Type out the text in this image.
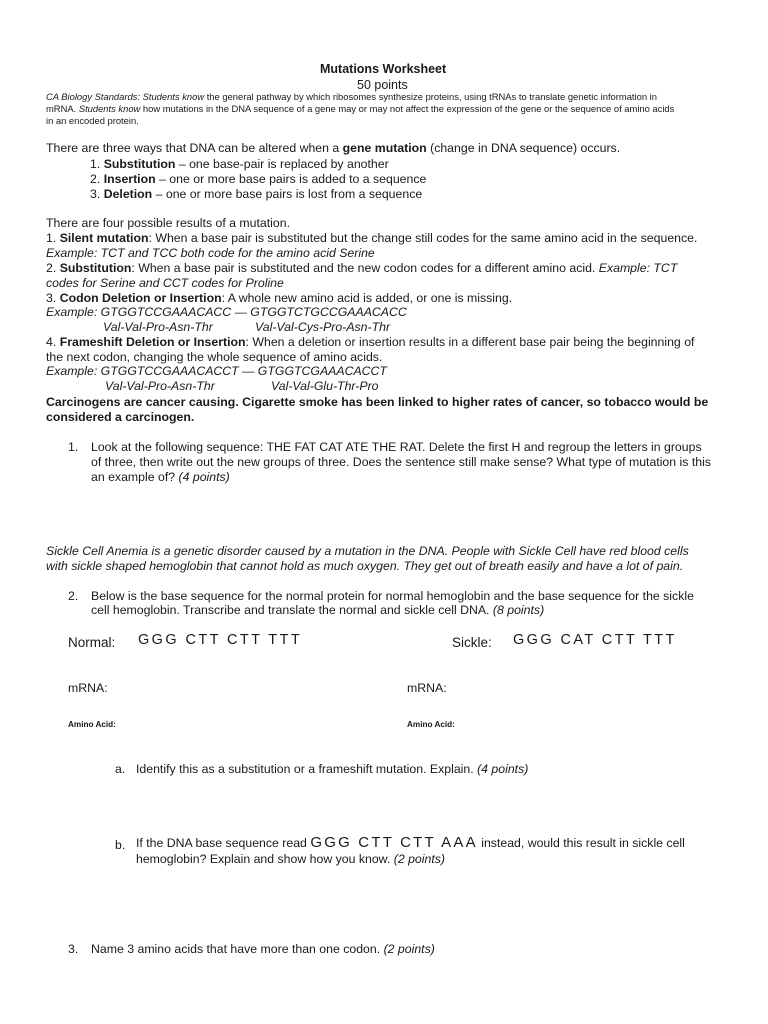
Mutations Worksheet
50 points
CA Biology Standards: Students know the general pathway by which ribosomes synthesize proteins, using tRNAs to translate genetic information in
mRNA. Students know how mutations in the DNA sequence of a gene may or may not affect the expression of the gene or the sequence of amino acids
in an encoded protein.
There are three ways that DNA can be altered when a gene mutation (change in DNA sequence) occurs.
1. Substitution – one base-pair is replaced by another
2. Insertion – one or more base pairs is added to a sequence
3. Deletion – one or more base pairs is lost from a sequence
There are four possible results of a mutation.
1. Silent mutation: When a base pair is substituted but the change still codes for the same amino acid in the sequence.
Example: TCT and TCC both code for the amino acid Serine
2. Substitution: When a base pair is substituted and the new codon codes for a different amino acid. Example: TCT
codes for Serine and CCT codes for Proline
3. Codon Deletion or Insertion: A whole new amino acid is added, or one is missing.
Example: GTGGTCCGAAACACC — GTGGTCTGCCGAAACACC
Val-Val-Pro-Asn-Thr	Val-Val-Cys-Pro-Asn-Thr
4. Frameshift Deletion or Insertion: When a deletion or insertion results in a different base pair being the beginning of
the next codon, changing the whole sequence of amino acids.
Example: GTGGTCCGAAACACCT — GTGGTCGAAACACCT
Val-Val-Pro-Asn-Thr	Val-Val-Glu-Thr-Pro
Carcinogens are cancer causing. Cigarette smoke has been linked to higher rates of cancer, so tobacco would be
considered a carcinogen.
1. Look at the following sequence: THE FAT CAT ATE THE RAT. Delete the first H and regroup the letters in groups
of three, then write out the new groups of three. Does the sentence still make sense? What type of mutation is this
an example of? (4 points)
Sickle Cell Anemia is a genetic disorder caused by a mutation in the DNA. People with Sickle Cell have red blood cells
with sickle shaped hemoglobin that cannot hold as much oxygen. They get out of breath easily and have a lot of pain.
2. Below is the base sequence for the normal protein for normal hemoglobin and the base sequence for the sickle
cell hemoglobin. Transcribe and translate the normal and sickle cell DNA. (8 points)
Normal: GGG CTT CTT TTT	Sickle: GGG CAT CTT TTT
mRNA:	mRNA:
Amino Acid:	Amino Acid:
a. Identify this as a substitution or a frameshift mutation. Explain. (4 points)
b. If the DNA base sequence read GGG CTT CTT AAA instead, would this result in sickle cell
hemoglobin? Explain and show how you know. (2 points)
3. Name 3 amino acids that have more than one codon. (2 points)
